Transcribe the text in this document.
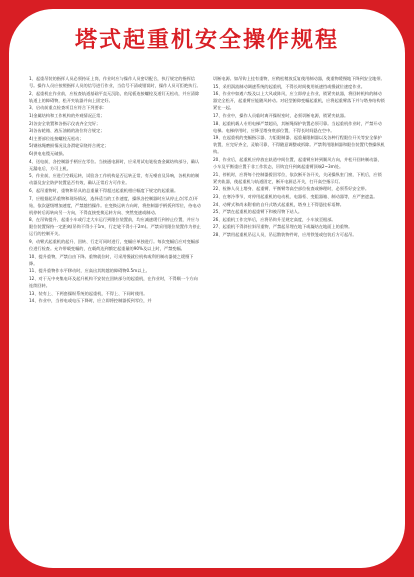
塔式起重机安全操作规程

1、起重吊装的指挥人员必须持证上岗，作业时应与操作人员密切配合，执行规定的指挥信号。操作人员应按照指挥人员的信号进行作业，当信号不清或错误时，操作人员可拒绝执行。

2、起重机在作业前，应检查轨道基础平直无沉陷，鱼尾板连接螺栓及道钉无松动，并应清除轨道上的障碍物，松开夹轨器并向上固定好。

3、启动前重点检查项目应符合下列要求：

1)金属结构和工作机构的外观情况正常；

2)各安全装置和各指示仪表齐全完好；

3)各齿轮箱、液压油箱的油位符合规定；

4)主要部位连接螺栓无松动；

5)钢丝绳磨损情况及各滑轮穿绕符合规定；

6)供电电缆无破损。

4、送电前，各控制器手柄应在零位。当接通电源时，应采用试电笔检查金属结构部分，确认无漏电后，方可上机。

5、作业前，应进行空载运转，试验各工作机构是否运转正常，有无噪音及异响，各机构的制动器及安全防护装置是否有效，确认正常后方可作业。

6、起吊重物时，重物和吊具的总重量不得超过起重机相应幅度下规定的起重量。

7、应根据起吊重物和现场情况，选择适当的工作速度，操纵各控制器时应从停止点(零点)开始，依次逐级增加速度，严禁越挡操作。在变换运转方向时，将控制器手柄扳到零位，待电动机停转后再转向另一方向，不得直接变换运转方向、突然变速或制动。

8、在吊钩提升、起重小车或行走大车运行到限位装置前，均应减速缓行到停止位置，并应与限位装置保持一定距离(吊钩不得小于1m，行走轮不得小于2m)。严禁采用限位装置作为停止运行的控制开关。

9、动臂式起重机的起升、回转、行走可同时进行，变幅应单独进行。每次变幅后应对变幅部位进行检查。允许带载变幅的，在载荷达到额定起重量的90%及以上时，严禁变幅。

10、提升重物，严禁自由下降。重物就位时，可采用慢就位机构或利用制动器使之缓慢下降。

11、提升重物作水平移动时，应高出其跨越的障碍物0.5m以上。

12、对于无中央集电环及起升机构不安装在回转部分的起重机，在作业时，不得顺一个方向连续回转。

13、装有上、下两套操纵系统的起重机，不得上、下同时使用。

14、作业中，当停电或电压下降时，应立即将控制器扳到零位，并

切断电源。如吊钩上挂有重物，应稍松稍放反复使用制动器，使重物缓慢地下降到安全地带。

15、采用涡流制动调速系统的起重机，不得长时间使用低速挡或慢就位速度作业。

16、作业中如遇六级及以上大风或阵风，应立即停止作业，锁紧夹轨器，将回转机构的制动器完全松开，起重臂应能随风转动。对轻型俯仰变幅起重机，应将起重臂落下并与塔身结构锁紧在一起。

17、作业中，操作人员临时离开操纵室时，必须切断电源，锁紧夹轨器。

18、起重机载人专用电梯严禁超员，其断绳保护装置必须可靠。当起重机作业时，严禁开动电梯。电梯停用时，应降至塔身底部位置，不得长时间悬在空中。

19、在起重机的变幅指示器、力矩限制器、起重量限制器以及各种行程限位开关等安全保护装置，应完好齐全，灵敏可靠，不得随意调整或拆除。严禁利用限制器和限位装置代替操纵机构。

20、作业后，起重机应停放在轨道中间位置，起重臂应转到顺风方向，并松开回转制动器，小车及平衡重应置于非工作状态，吊钩宜升到离起重臂顶端2~3m处。

21、停机时，应将每个控制器拨回零位，依次断开各开关，关闭操纵室门窗，下机后，应锁紧夹轨器，使起重机与轨道固定，断开电源总开关，打开高空指示灯。

22、检修人员上塔身、起重臂、平衡臂等高空部位检查或修理时，必须系好安全带。

23、在寒冷季节，对停用起重机的电动机、电器柜、变阻器箱、制动器等，应严密遮盖。

24、动臂式和尚未附着的自升式塔式起重机，塔身上不得悬挂标语牌。

25、严禁在起重机的起重臂下和被吊物下站人。

26、起重机工作完毕后，应将吊钩升至规定高度，小车放至根部。

27、起重机不得斜拉斜吊重物，严禁起吊埋在地下或凝结在地面上的重物。

28、严禁用起重机吊运人员，吊运散装物件时，应用铁笼或包装后方可起吊。
